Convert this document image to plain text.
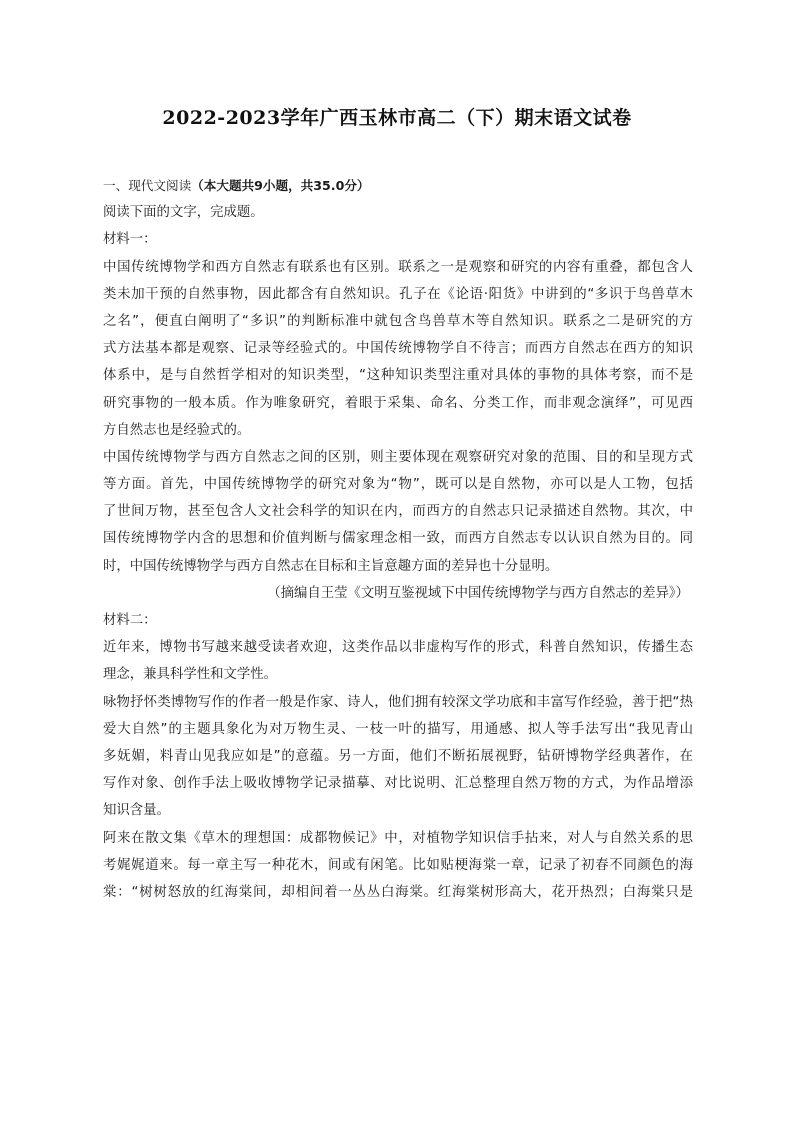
2022-2023学年广西玉林市高二（下）期末语文试卷
一、现代文阅读（本大题共9小题，共35.0分）
阅读下面的文字，完成题。
材料一：
中国传统博物学和西方自然志有联系也有区别。联系之一是观察和研究的内容有重叠，都包含人
类未加干预的自然事物，因此都含有自然知识。孔子在《论语·阳货》中讲到的“多识于鸟兽草木
之名”，便直白阐明了“多识”的判断标准中就包含鸟兽草木等自然知识。联系之二是研究的方
式方法基本都是观察、记录等经验式的。中国传统博物学自不待言；而西方自然志在西方的知识
体系中，是与自然哲学相对的知识类型，“这种知识类型注重对具体的事物的具体考察，而不是
研究事物的一般本质。作为唯象研究，着眼于采集、命名、分类工作，而非观念演绎”，可见西
方自然志也是经验式的。
中国传统博物学与西方自然志之间的区别，则主要体现在观察研究对象的范围、目的和呈现方式
等方面。首先，中国传统博物学的研究对象为“物”，既可以是自然物，亦可以是人工物，包括
了世间万物，甚至包含人文社会科学的知识在内，而西方的自然志只记录描述自然物。其次，中
国传统博物学内含的思想和价值判断与儒家理念相一致，而西方自然志专以认识自然为目的。同
时，中国传统博物学与西方自然志在目标和主旨意趣方面的差异也十分显明。
（摘编自王莹《文明互鉴视域下中国传统博物学与西方自然志的差异》）
材料二：
近年来，博物书写越来越受读者欢迎，这类作品以非虚构写作的形式，科普自然知识，传播生态
理念，兼具科学性和文学性。
咏物抒怀类博物写作的作者一般是作家、诗人，他们拥有较深文学功底和丰富写作经验，善于把“热
爱大自然”的主题具象化为对万物生灵、一枝一叶的描写，用通感、拟人等手法写出“我见青山
多妩媚，料青山见我应如是”的意蕴。另一方面，他们不断拓展视野，钻研博物学经典著作，在
写作对象、创作手法上吸收博物学记录描摹、对比说明、汇总整理自然万物的方式，为作品增添
知识含量。
阿来在散文集《草木的理想国：成都物候记》中，对植物学知识信手拈来，对人与自然关系的思
考娓娓道来。每一章主写一种花木，间或有闲笔。比如贴梗海棠一章，记录了初春不同颜色的海
棠：“树树怒放的红海棠间，却相间着一丛丛白海棠。红海棠树形高大，花开热烈；白海棠只是
